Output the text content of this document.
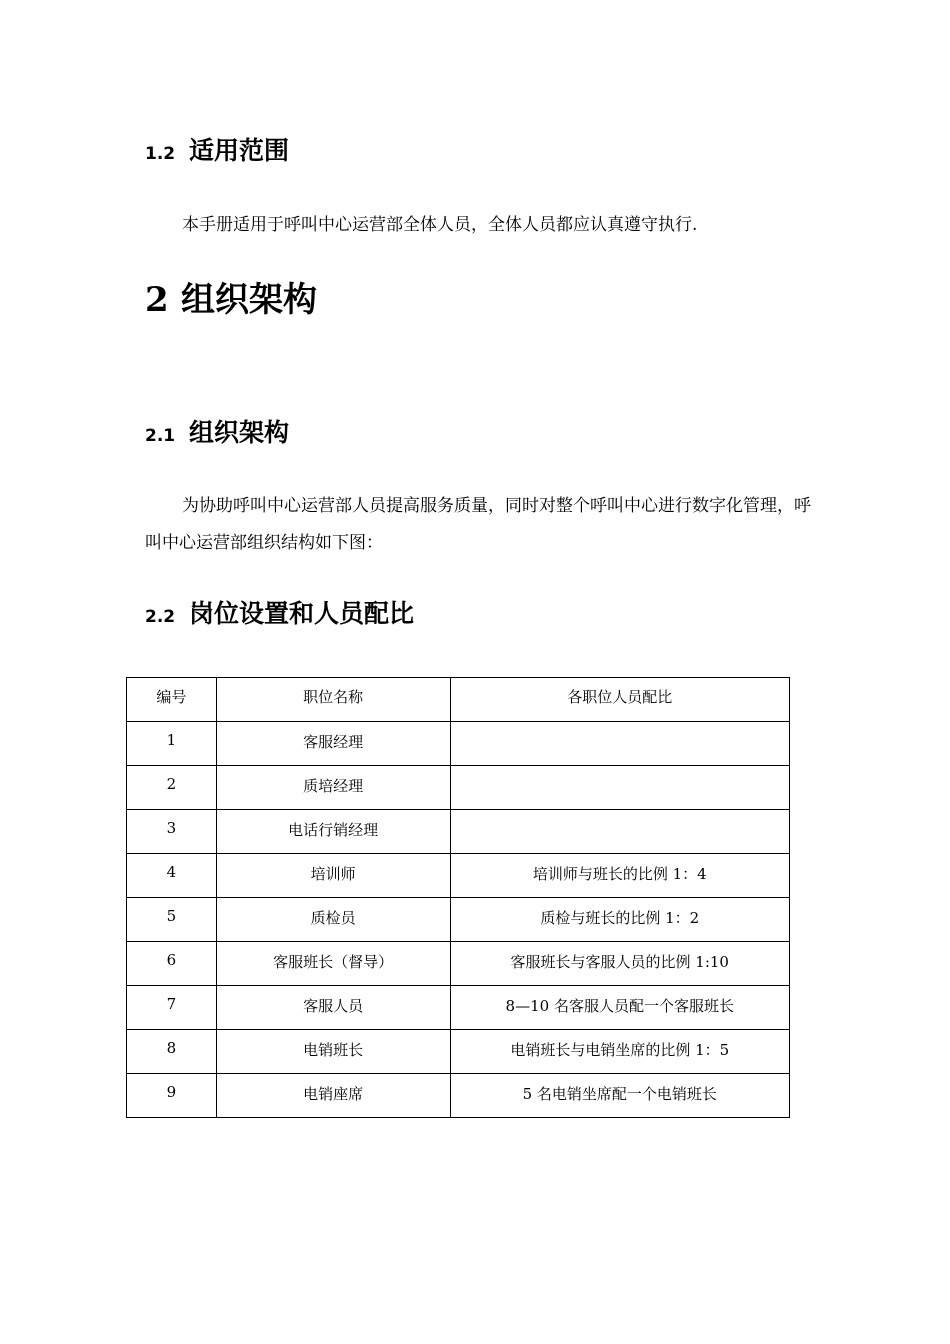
1.2 适用范围
本手册适用于呼叫中心运营部全体人员，全体人员都应认真遵守执行.
2 组织架构
2.1 组织架构
为协助呼叫中心运营部人员提高服务质量，同时对整个呼叫中心进行数字化管理，呼叫中心运营部组织结构如下图：
2.2 岗位设置和人员配比
编号	职位名称	各职位人员配比
1	客服经理	
2	质培经理	
3	电话行销经理	
4	培训师	培训师与班长的比例 1：4
5	质检员	质检与班长的比例 1：2
6	客服班长（督导）	客服班长与客服人员的比例 1:10
7	客服人员	8—10 名客服人员配一个客服班长
8	电销班长	电销班长与电销坐席的比例 1：5
9	电销座席	5 名电销坐席配一个电销班长
